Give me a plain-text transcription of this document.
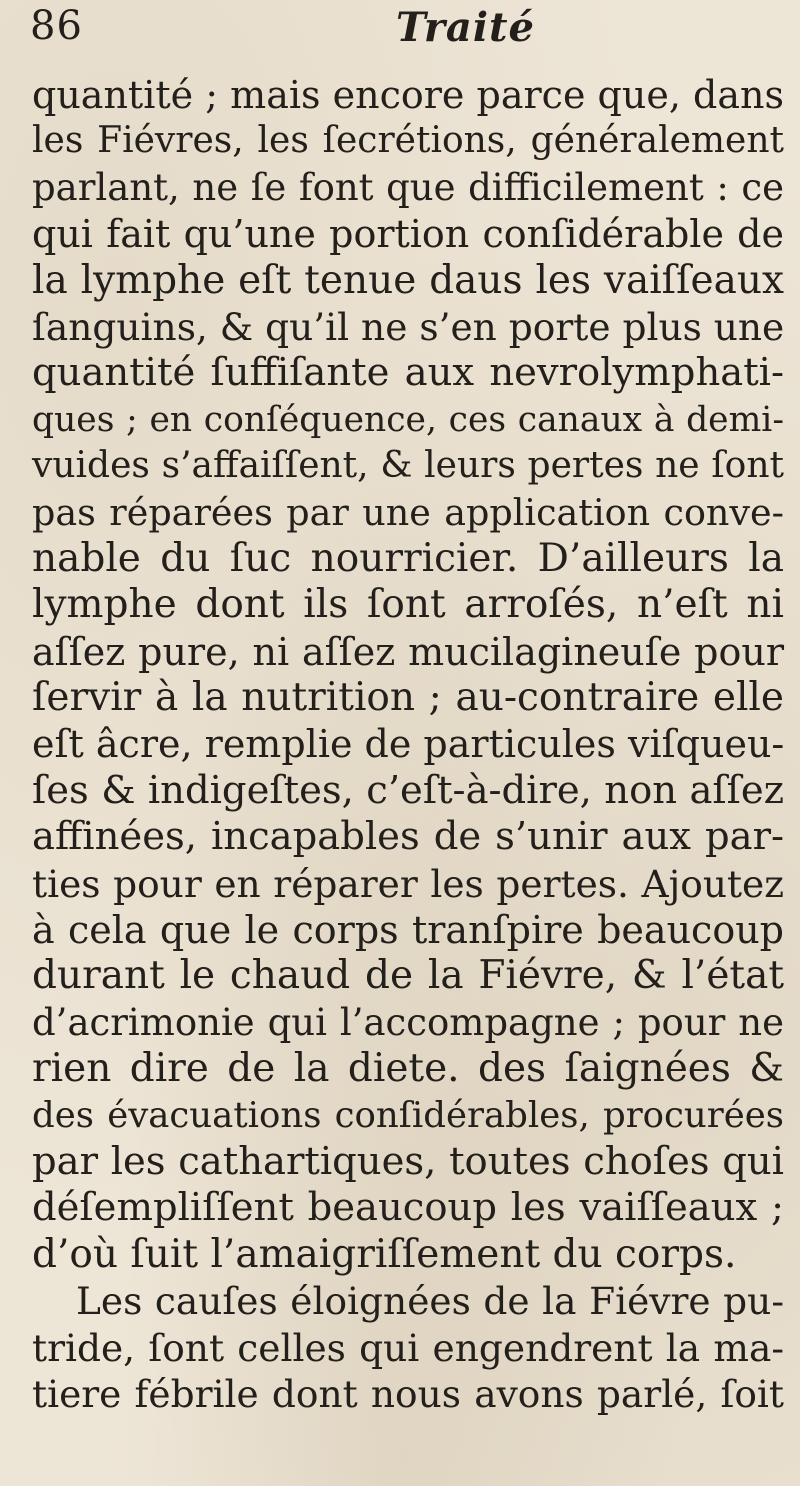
86	Traité
quantité ; mais encore parce que, dans
les Fiévres, les ſecrétions, généralement
parlant, ne ſe font que difficilement : ce
qui fait qu’une portion conſidérable de
la lymphe eſt tenue daus les vaiſſeaux
ſanguins, & qu’il ne s’en porte plus une
quantité ſuffiſante aux nevrolymphati-
ques ; en conſéquence, ces canaux à demi-
vuides s’affaiſſent, & leurs pertes ne ſont
pas réparées par une application conve-
nable du ſuc nourricier. D’ailleurs la
lymphe dont ils ſont arroſés, n’eſt ni
aſſez pure, ni aſſez mucilagineuſe pour
ſervir à la nutrition ; au-contraire elle
eſt âcre, remplie de particules viſqueu-
ſes & indigeſtes, c’eſt-à-dire, non aſſez
affinées, incapables de s’unir aux par-
ties pour en réparer les pertes. Ajoutez
à cela que le corps tranſpire beaucoup
durant le chaud de la Fiévre, & l’état
d’acrimonie qui l’accompagne ; pour ne
rien dire de la diete. des ſaignées &
des évacuations conſidérables, procurées
par les cathartiques, toutes choſes qui
déſempliſſent beaucoup les vaiſſeaux ;
d’où ſuit l’amaigriſſement du corps.
Les cauſes éloignées de la Fiévre pu-
tride, ſont celles qui engendrent la ma-
tiere fébrile dont nous avons parlé, ſoit
